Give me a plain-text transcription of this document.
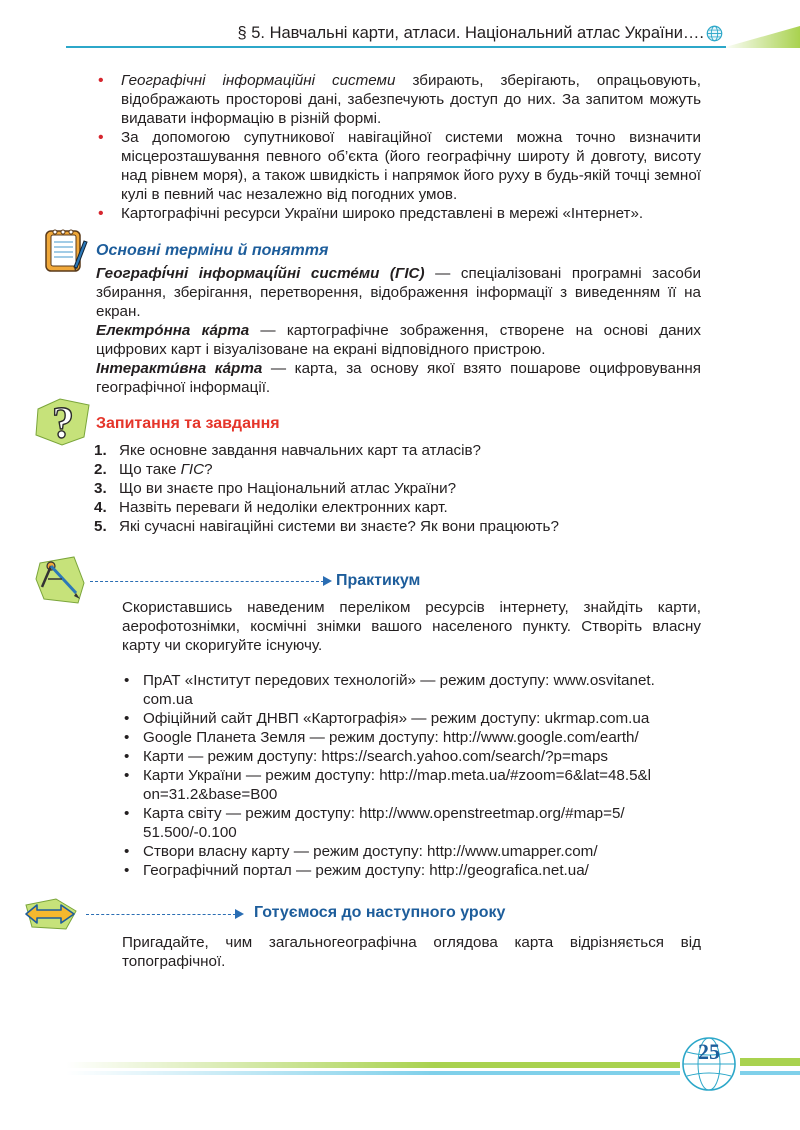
§ 5. Навчальні карти, атласи. Національний атлас України….
• Географічні інформаційні системи збирають, зберігають, опрацьовують, відображають просторові дані, забезпечують доступ до них. За запитом можуть видавати інформацію в різній формі.
• За допомогою супутникової навігаційної системи можна точно визначити місцерозташування певного об’єкта (його географічну широту й довготу, висоту над рівнем моря), а також швидкість і напрямок його руху в будь-якій точці земної кулі в певний час незалежно від погодних умов.
• Картографічні ресурси України широко представлені в мережі «Інтернет».
Основні терміни й поняття
Географі́чні інформаці́йні систе́ми (ГІС) — спеціалізовані програмні засоби збирання, зберігання, перетворення, відображення інформації з виведенням її на екран.
Електро́нна ка́рта — картографічне зображення, створене на основі даних цифрових карт і візуалізоване на екрані відповідного пристрою.
Інтеракти́вна ка́рта — карта, за основу якої взято пошарове оцифровування географічної інформації.
? Запитання та завдання
1. Яке основне завдання навчальних карт та атласів?
2. Що таке ГІС?
3. Що ви знаєте про Національний атлас України?
4. Назвіть переваги й недоліки електронних карт.
5. Які сучасні навігаційні системи ви знаєте? Як вони працюють?
Практикум
Скориставшись наведеним переліком ресурсів інтернету, знайдіть карти, аерофотознімки, космічні знімки вашого населеного пункту. Створіть власну карту чи скоригуйте існуючу.
• ПрАТ «Інститут передових технологій» — режим доступу: www.osvitanet.
com.ua
• Офіційний сайт ДНВП «Картографія» — режим доступу: ukrmap.com.ua
• Google Планета Земля — режим доступу: http://www.google.com/earth/
• Карти — режим доступу: https://search.yahoo.com/search/?p=maps
• Карти України — режим доступу: http://map.meta.ua/#zoom=6&lat=48.5&l
on=31.2&base=B00
• Карта світу — режим доступу: http://www.openstreetmap.org/#map=5/
51.500/-0.100
• Створи власну карту — режим доступу: http://www.umapper.com/
• Географічний портал — режим доступу: http://geografica.net.ua/
Готуємося до наступного уроку
Пригадайте, чим загальногеографічна оглядова карта відрізняється від топографічної.
25
